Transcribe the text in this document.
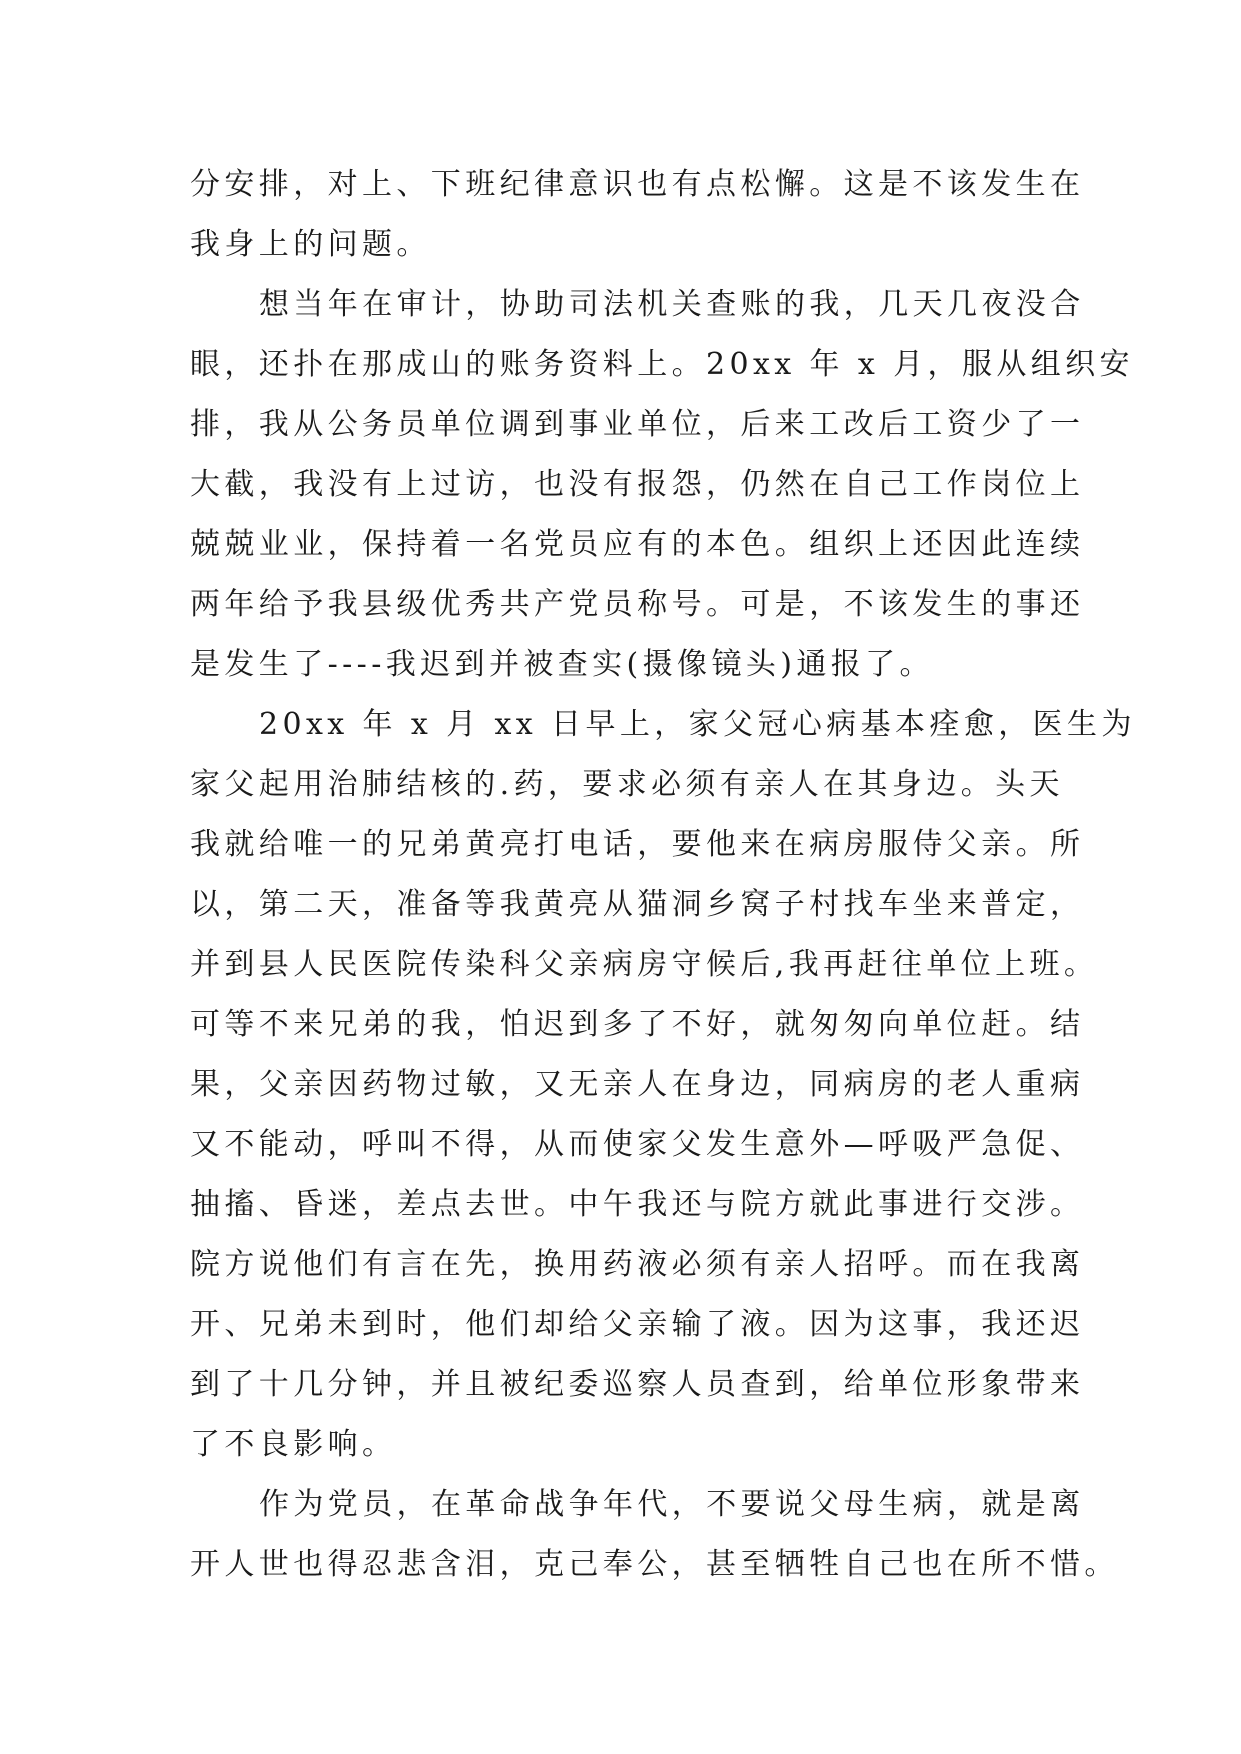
分安排，对上、下班纪律意识也有点松懈。这是不该发生在
我身上的问题。
想当年在审计，协助司法机关查账的我，几天几夜没合
眼，还扑在那成山的账务资料上。20xx 年 x 月，服从组织安
排，我从公务员单位调到事业单位，后来工改后工资少了一
大截，我没有上过访，也没有报怨，仍然在自己工作岗位上
兢兢业业，保持着一名党员应有的本色。组织上还因此连续
两年给予我县级优秀共产党员称号。可是，不该发生的事还
是发生了----我迟到并被查实(摄像镜头)通报了。
20xx 年 x 月 xx 日早上，家父冠心病基本痊愈，医生为
家父起用治肺结核的.药，要求必须有亲人在其身边。头天
我就给唯一的兄弟黄亮打电话，要他来在病房服侍父亲。所
以，第二天，准备等我黄亮从猫洞乡窝子村找车坐来普定，
并到县人民医院传染科父亲病房守候后,我再赶往单位上班。
可等不来兄弟的我，怕迟到多了不好，就匆匆向单位赶。结
果，父亲因药物过敏，又无亲人在身边，同病房的老人重病
又不能动，呼叫不得，从而使家父发生意外—呼吸严急促、
抽搐、昏迷，差点去世。中午我还与院方就此事进行交涉。
院方说他们有言在先，换用药液必须有亲人招呼。而在我离
开、兄弟未到时，他们却给父亲输了液。因为这事，我还迟
到了十几分钟，并且被纪委巡察人员查到，给单位形象带来
了不良影响。
作为党员，在革命战争年代，不要说父母生病，就是离
开人世也得忍悲含泪，克己奉公，甚至牺牲自己也在所不惜。
